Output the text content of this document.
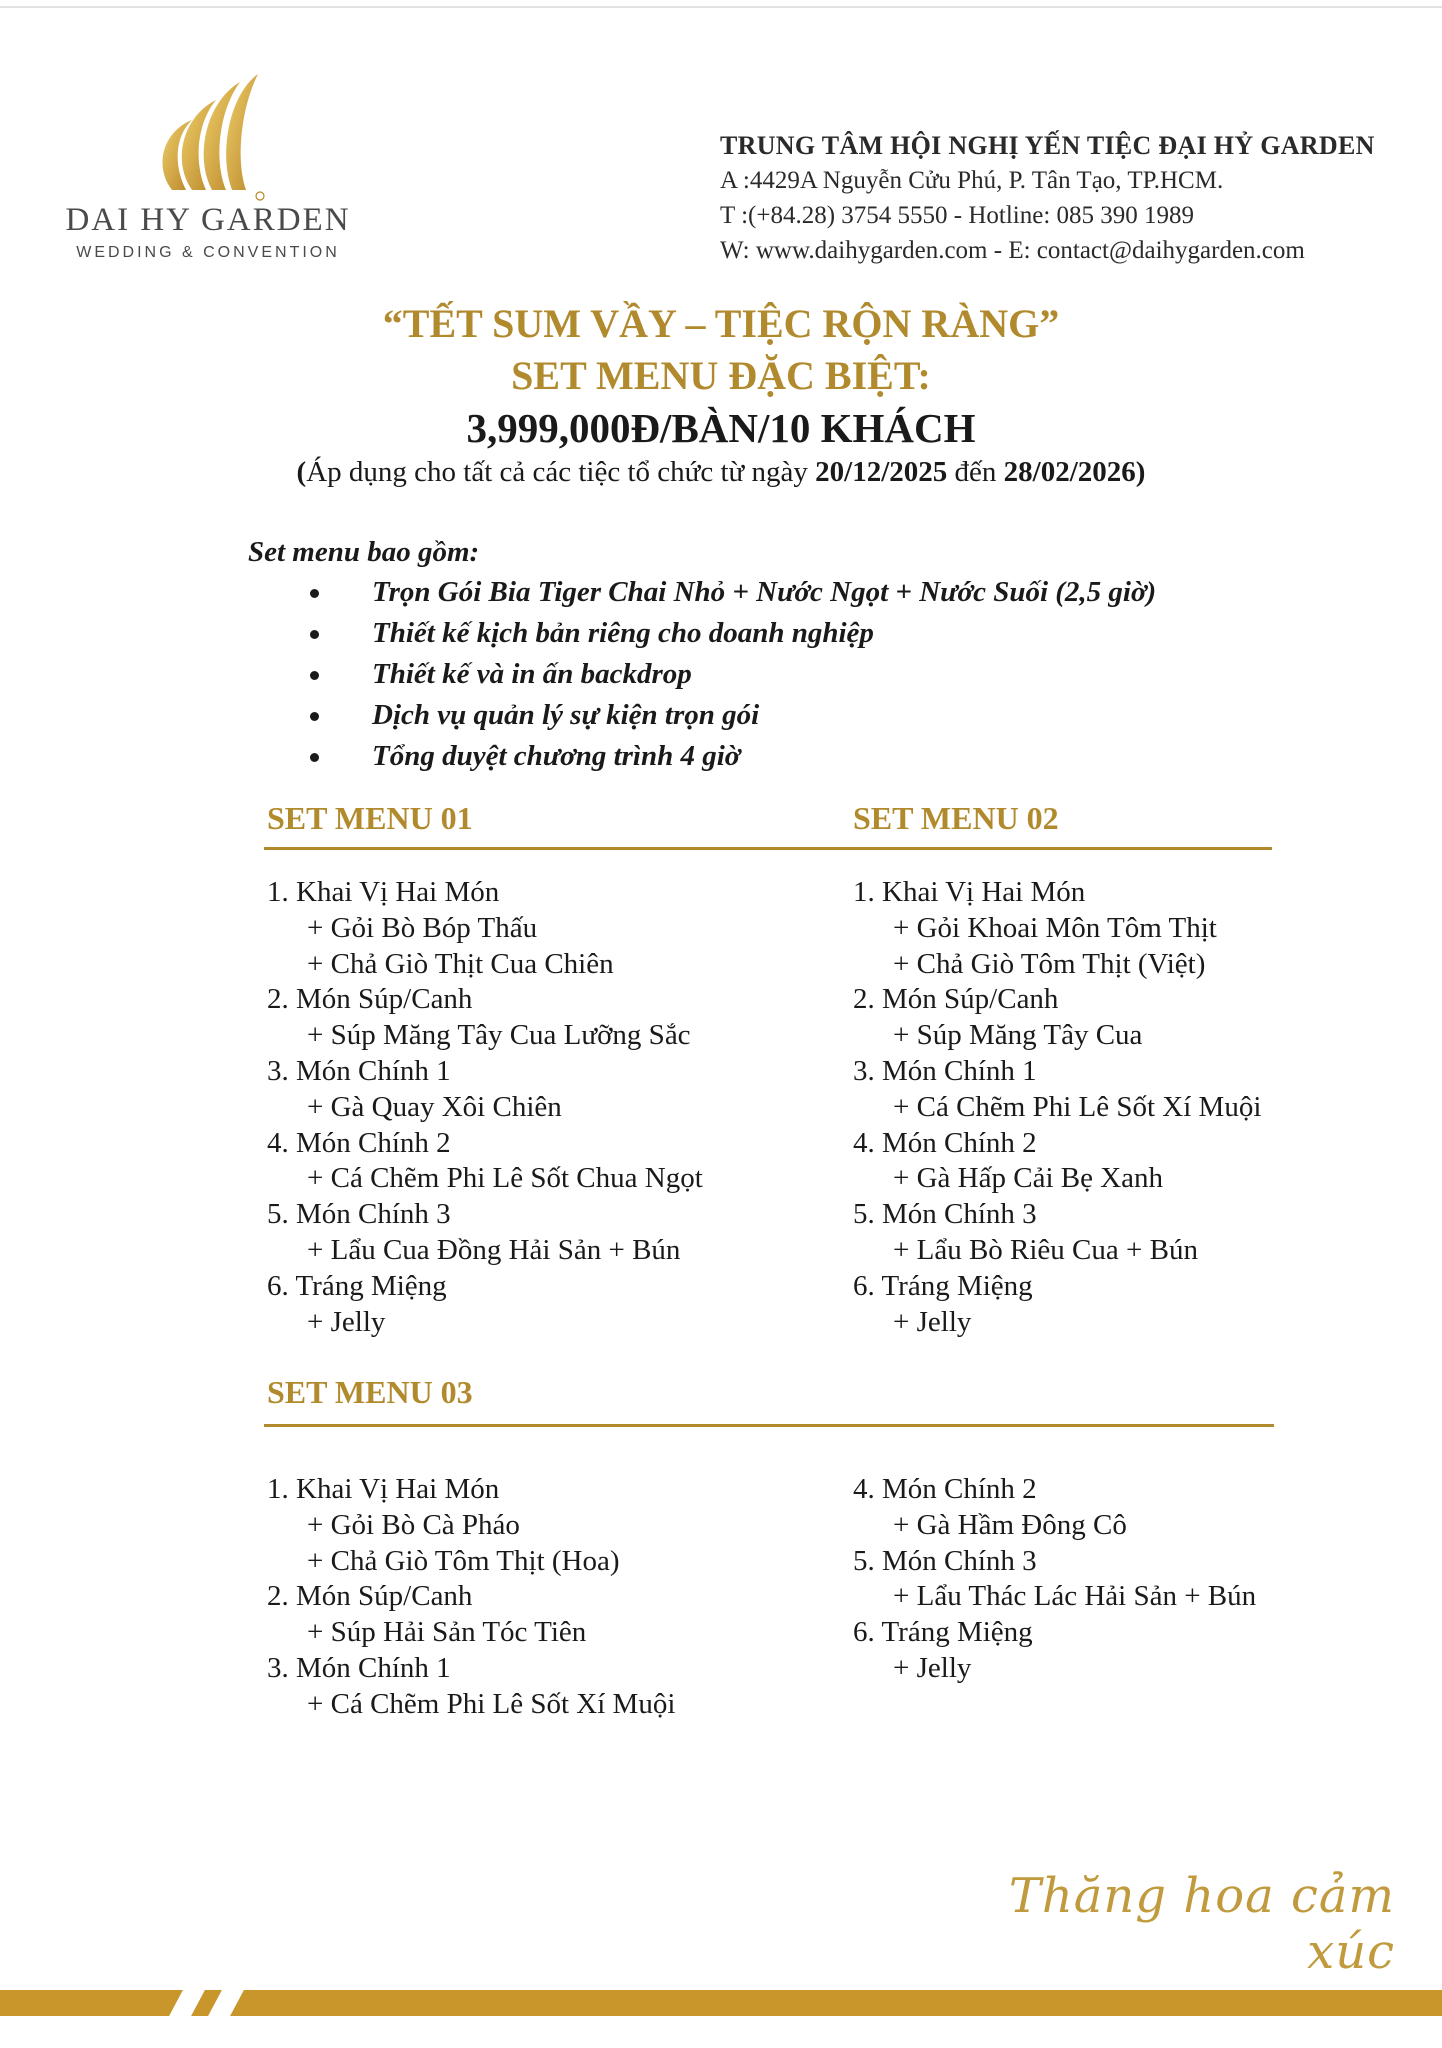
DAI HY GARDEN
WEDDING & CONVENTION
TRUNG TÂM HỘI NGHỊ YẾN TIỆC ĐẠI HỶ GARDEN
A :4429A Nguyễn Cửu Phú, P. Tân Tạo, TP.HCM.
T :(+84.28) 3754 5550 - Hotline: 085 390 1989
W: www.daihygarden.com - E: contact@daihygarden.com
“TẾT SUM VẦY – TIỆC RỘN RÀNG”
SET MENU ĐẶC BIỆT:
3,999,000Đ/BÀN/10 KHÁCH
(Áp dụng cho tất cả các tiệc tổ chức từ ngày 20/12/2025 đến 28/02/2026)
Set menu bao gồm:
Trọn Gói Bia Tiger Chai Nhỏ + Nước Ngọt + Nước Suối (2,5 giờ)
Thiết kế kịch bản riêng cho doanh nghiệp
Thiết kế và in ấn backdrop
Dịch vụ quản lý sự kiện trọn gói
Tổng duyệt chương trình 4 giờ
SET MENU 01
1. Khai Vị Hai Món
+ Gỏi Bò Bóp Thấu
+ Chả Giò Thịt Cua Chiên
2. Món Súp/Canh
+ Súp Măng Tây Cua Lưỡng Sắc
3. Món Chính 1
+ Gà Quay Xôi Chiên
4. Món Chính 2
+ Cá Chẽm Phi Lê Sốt Chua Ngọt
5. Món Chính 3
+ Lẩu Cua Đồng Hải Sản + Bún
6. Tráng Miệng
+ Jelly
SET MENU 02
1. Khai Vị Hai Món
+ Gỏi Khoai Môn Tôm Thịt
+ Chả Giò Tôm Thịt (Việt)
2. Món Súp/Canh
+ Súp Măng Tây Cua
3. Món Chính 1
+ Cá Chẽm Phi Lê Sốt Xí Muội
4. Món Chính 2
+ Gà Hấp Cải Bẹ Xanh
5. Món Chính 3
+ Lẩu Bò Riêu Cua + Bún
6. Tráng Miệng
+ Jelly
SET MENU 03
1. Khai Vị Hai Món
+ Gỏi Bò Cà Pháo
+ Chả Giò Tôm Thịt (Hoa)
2. Món Súp/Canh
+ Súp Hải Sản Tóc Tiên
3. Món Chính 1
+ Cá Chẽm Phi Lê Sốt Xí Muội
4. Món Chính 2
+ Gà Hầm Đông Cô
5. Món Chính 3
+ Lẩu Thác Lác Hải Sản + Bún
6. Tráng Miệng
+ Jelly
Thăng hoa cảm xúc
